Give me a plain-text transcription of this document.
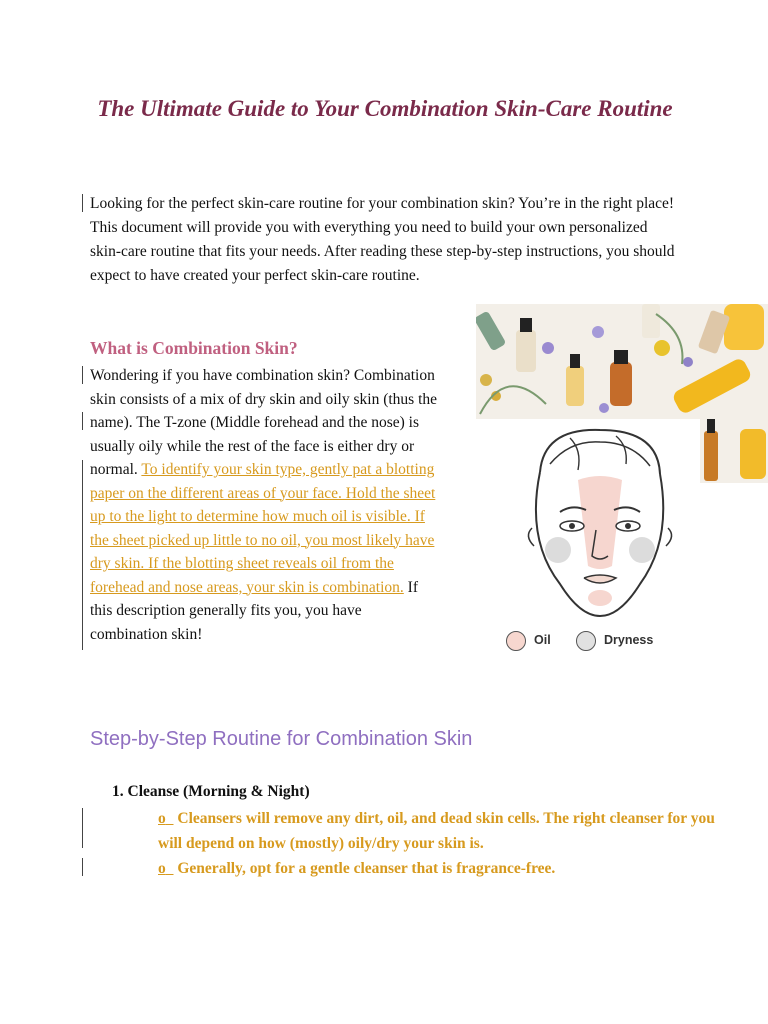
The Ultimate Guide to Your Combination Skin-Care Routine
Looking for the perfect skin-care routine for your combination skin? You’re in the right place! This document will provide you with everything you need to build your own personalized skin-care routine that fits your needs. After reading these step-by-step instructions, you should expect to have created your perfect skin-care routine.
What is Combination Skin?
Wondering if you have combination skin? Combination skin consists of a mix of dry skin and oily skin (thus the name). The T-zone (Middle forehead and the nose) is usually oily while the rest of the face is either dry or normal. To identify your skin type, gently pat a blotting paper on the different areas of your face. Hold the sheet up to the light to determine how much oil is visible. If the sheet picked up little to no oil, you most likely have dry skin. If the blotting sheet reveals oil from the forehead and nose areas, your skin is combination. If this description generally fits you, you have combination skin!	Oil	Dryness
Step-by-Step Routine for Combination Skin
1. Cleanse (Morning & Night)
o Cleansers will remove any dirt, oil, and dead skin cells. The right cleanser for you will depend on how (mostly) oily/dry your skin is.
o Generally, opt for a gentle cleanser that is fragrance-free.
